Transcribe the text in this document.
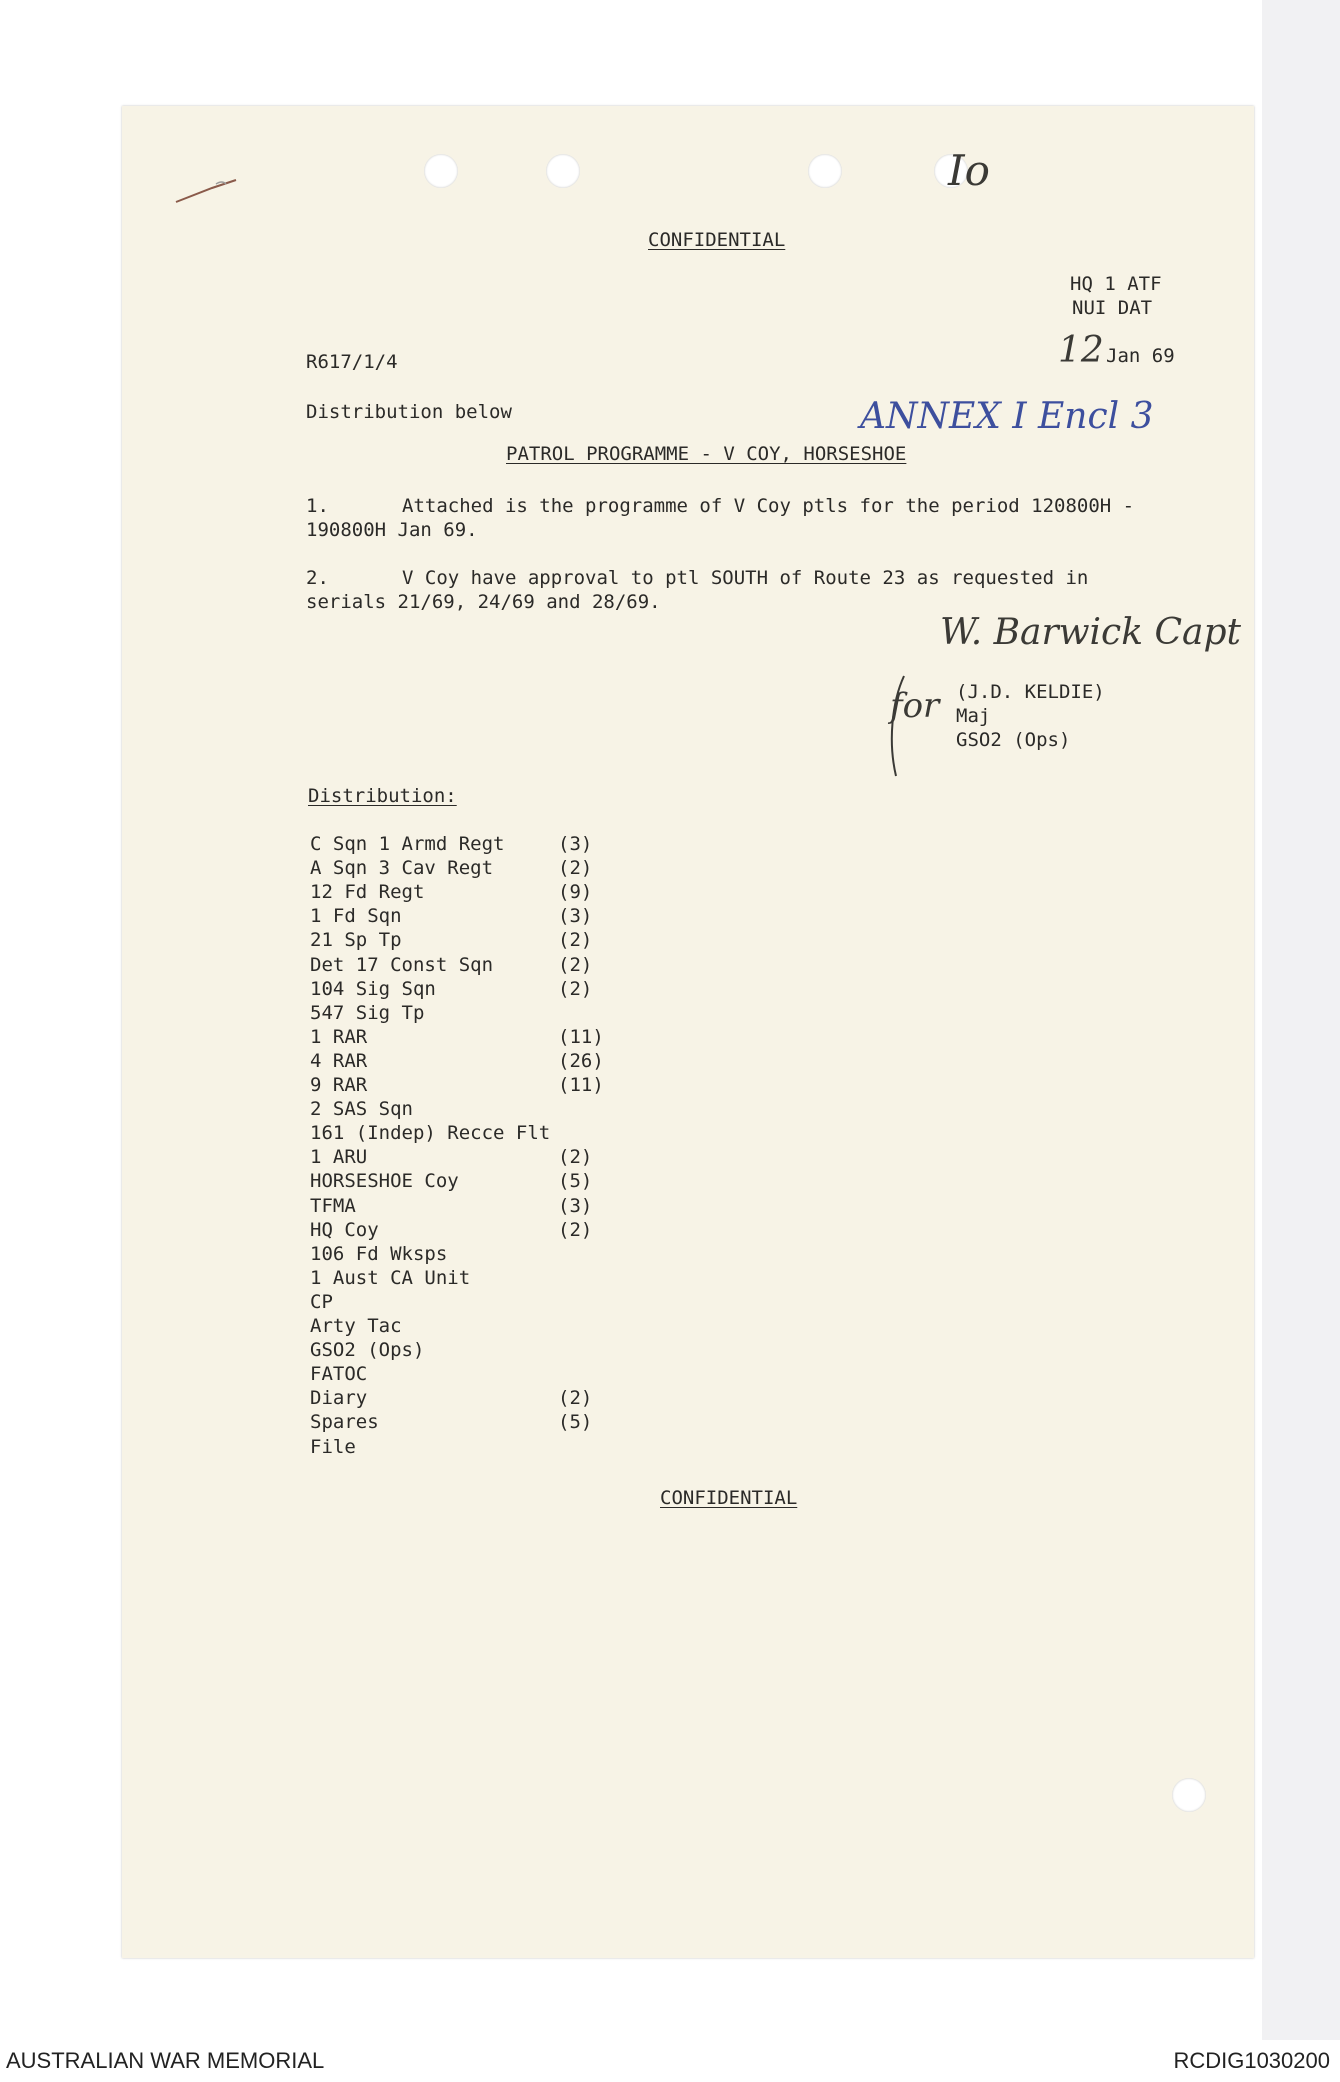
Io
CONFIDENTIAL
HQ 1 ATF
NUI DAT
R617/1/4	12 Jan 69
Distribution below	ANNEX I Encl 3
PATROL PROGRAMME - V COY, HORSESHOE
1.	Attached is the programme of V Coy ptls for the period 120800H -
190800H Jan 69.
2.	V Coy have approval to ptl SOUTH of Route 23 as requested in
serials 21/69, 24/69 and 28/69.
W. Barwick Capt
for (J.D. KELDIE)
Maj
GSO2 (Ops)
Distribution:
C Sqn 1 Armd Regt	(3)
A Sqn 3 Cav Regt	(2)
12 Fd Regt	(9)
1 Fd Sqn	(3)
21 Sp Tp	(2)
Det 17 Const Sqn	(2)
104 Sig Sqn	(2)
547 Sig Tp
1 RAR	(11)
4 RAR	(26)
9 RAR	(11)
2 SAS Sqn
161 (Indep) Recce Flt
1 ARU	(2)
HORSESHOE Coy	(5)
TFMA	(3)
HQ Coy	(2)
106 Fd Wksps
1 Aust CA Unit
CP
Arty Tac
GSO2 (Ops)
FATOC
Diary	(2)
Spares	(5)
File
CONFIDENTIAL
AUSTRALIAN WAR MEMORIAL	RCDIG1030200
